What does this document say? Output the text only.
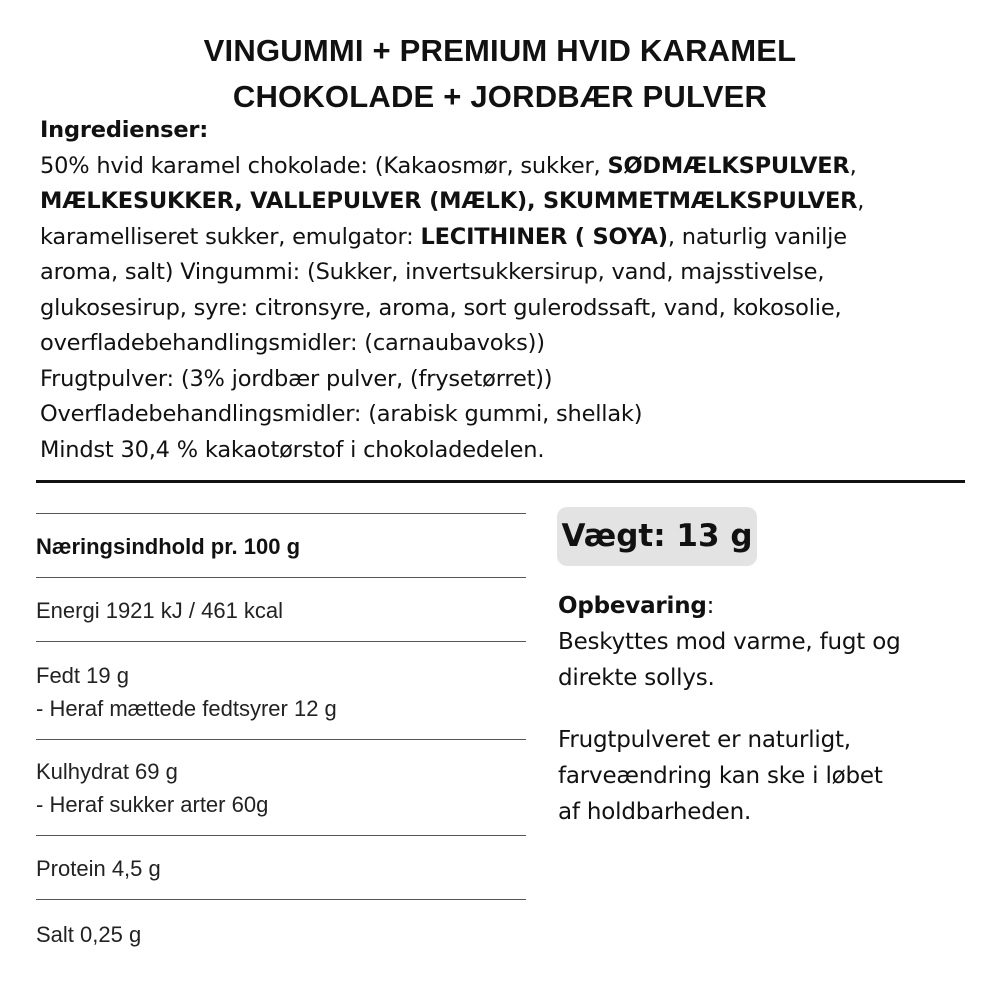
VINGUMMI + PREMIUM HVID KARAMEL
CHOKOLADE + JORDBÆR PULVER
Ingredienser:
50% hvid karamel chokolade: (Kakaosmør, sukker, SØDMÆLKSPULVER,
MÆLKESUKKER, VALLEPULVER (MÆLK), SKUMMETMÆLKSPULVER,
karamelliseret sukker, emulgator: LECITHINER ( SOYA), naturlig vanilje
aroma, salt) Vingummi: (Sukker, invertsukkersirup, vand, majsstivelse,
glukosesirup, syre: citronsyre, aroma, sort gulerodssaft, vand, kokosolie,
overfladebehandlingsmidler: (carnaubavoks))
Frugtpulver: (3% jordbær pulver, (frysetørret))
Overfladebehandlingsmidler: (arabisk gummi, shellak)
Mindst 30,4 % kakaotørstof i chokoladedelen.
Næringsindhold pr. 100 g
Energi 1921 kJ / 461 kcal
Fedt 19 g
- Heraf mættede fedtsyrer 12 g
Kulhydrat 69 g
- Heraf sukker arter 60g
Protein 4,5 g
Salt 0,25 g
Vægt: 13 g
Opbevaring:
Beskyttes mod varme, fugt og
direkte sollys.
Frugtpulveret er naturligt,
farveændring kan ske i løbet
af holdbarheden.
